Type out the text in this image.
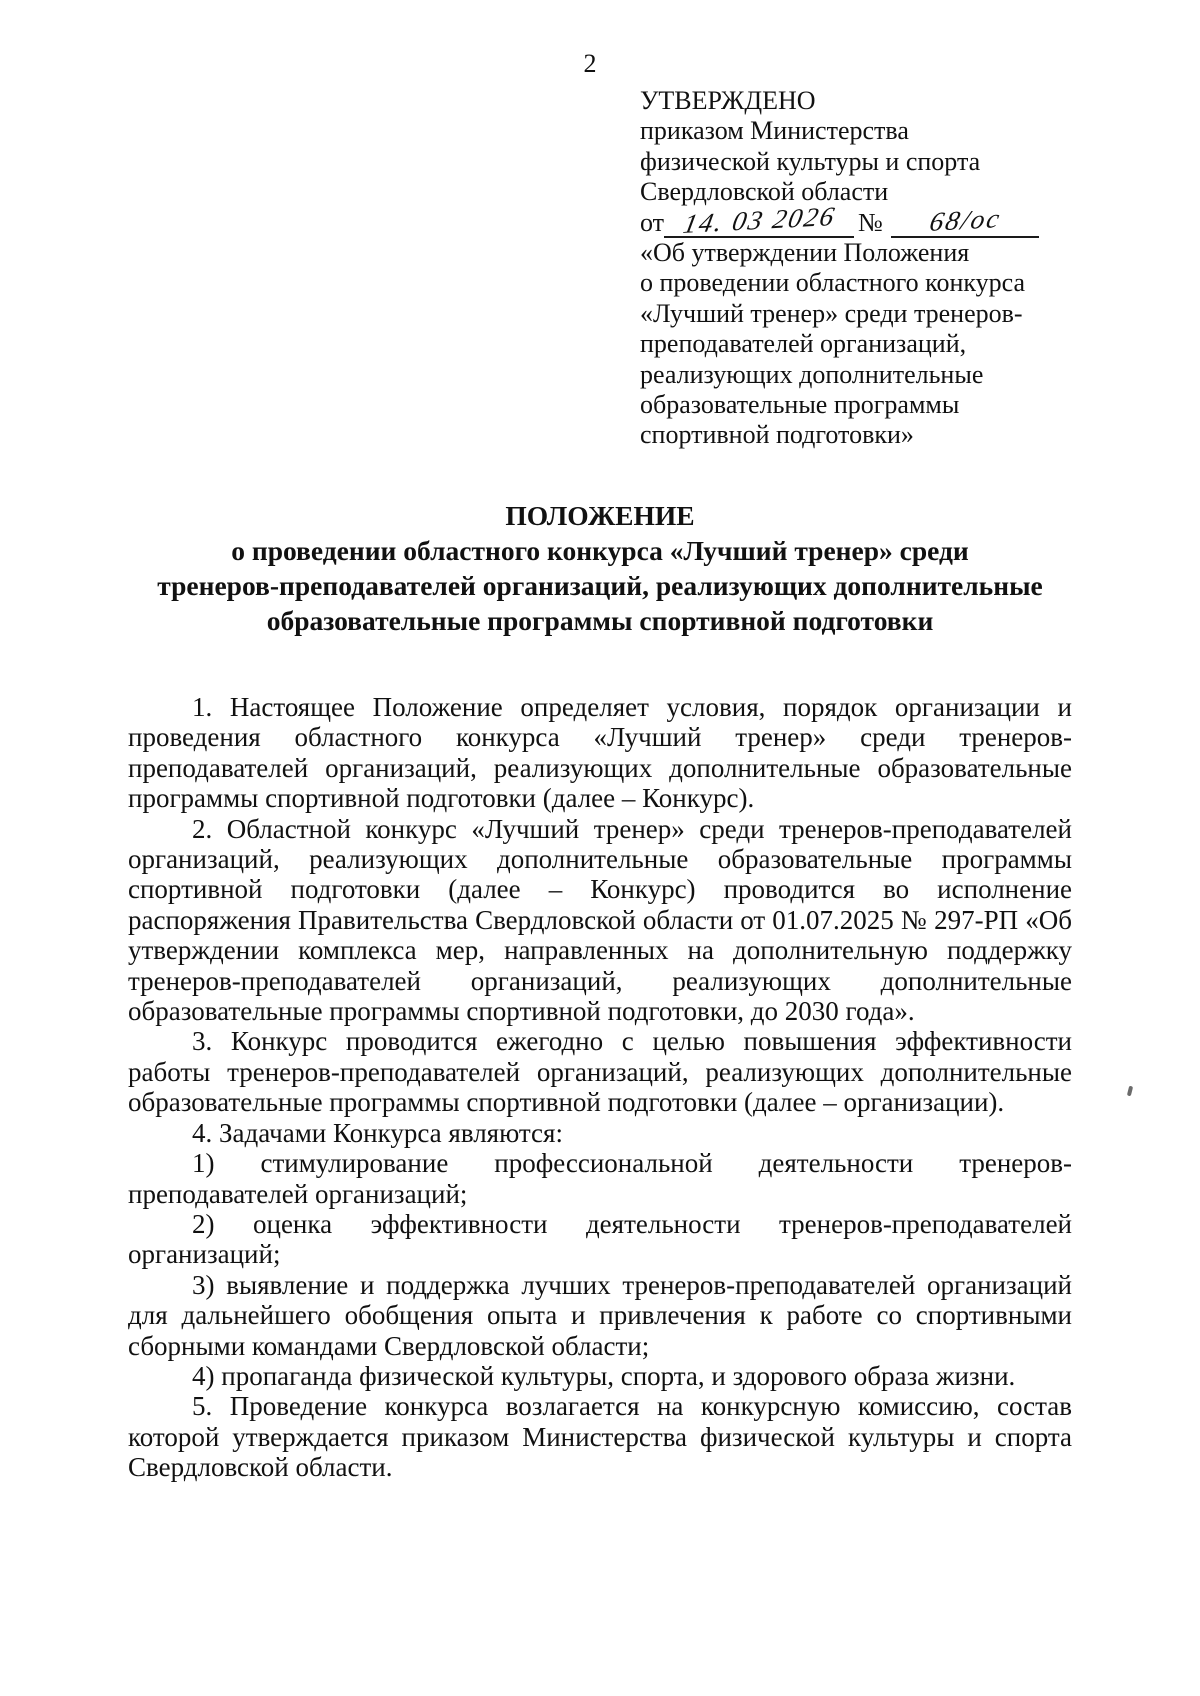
2
УТВЕРЖДЕНО
приказом Министерства
физической культуры и спорта
Свердловской области
от 14. 03 2026 № 68/ос
«Об утверждении Положения
о проведении областного конкурса
«Лучший тренер» среди тренеров-
преподавателей организаций,
реализующих дополнительные
образовательные программы
спортивной подготовки»
ПОЛОЖЕНИЕ
о проведении областного конкурса «Лучший тренер» среди
тренеров-преподавателей организаций, реализующих дополнительные
образовательные программы спортивной подготовки

1. Настоящее Положение определяет условия, порядок организации и проведения областного конкурса «Лучший тренер» среди тренеров-преподавателей организаций, реализующих дополнительные образовательные программы спортивной подготовки (далее – Конкурс).

2. Областной конкурс «Лучший тренер» среди тренеров-преподавателей организаций, реализующих дополнительные образовательные программы спортивной подготовки (далее – Конкурс) проводится во исполнение распоряжения Правительства Свердловской области от 01.07.2025 № 297-РП «Об утверждении комплекса мер, направленных на дополнительную поддержку тренеров-преподавателей организаций, реализующих дополнительные образовательные программы спортивной подготовки, до 2030 года».

3. Конкурс проводится ежегодно с целью повышения эффективности работы тренеров-преподавателей организаций, реализующих дополнительные образовательные программы спортивной подготовки (далее – организации).

4. Задачами Конкурса являются:

1) стимулирование профессиональной деятельности тренеров-преподавателей организаций;

2) оценка эффективности деятельности тренеров-преподавателей организаций;

3) выявление и поддержка лучших тренеров-преподавателей организаций для дальнейшего обобщения опыта и привлечения к работе со спортивными сборными командами Свердловской области;

4) пропаганда физической культуры, спорта, и здорового образа жизни.

5. Проведение конкурса возлагается на конкурсную комиссию, состав которой утверждается приказом Министерства физической культуры и спорта Свердловской области.
